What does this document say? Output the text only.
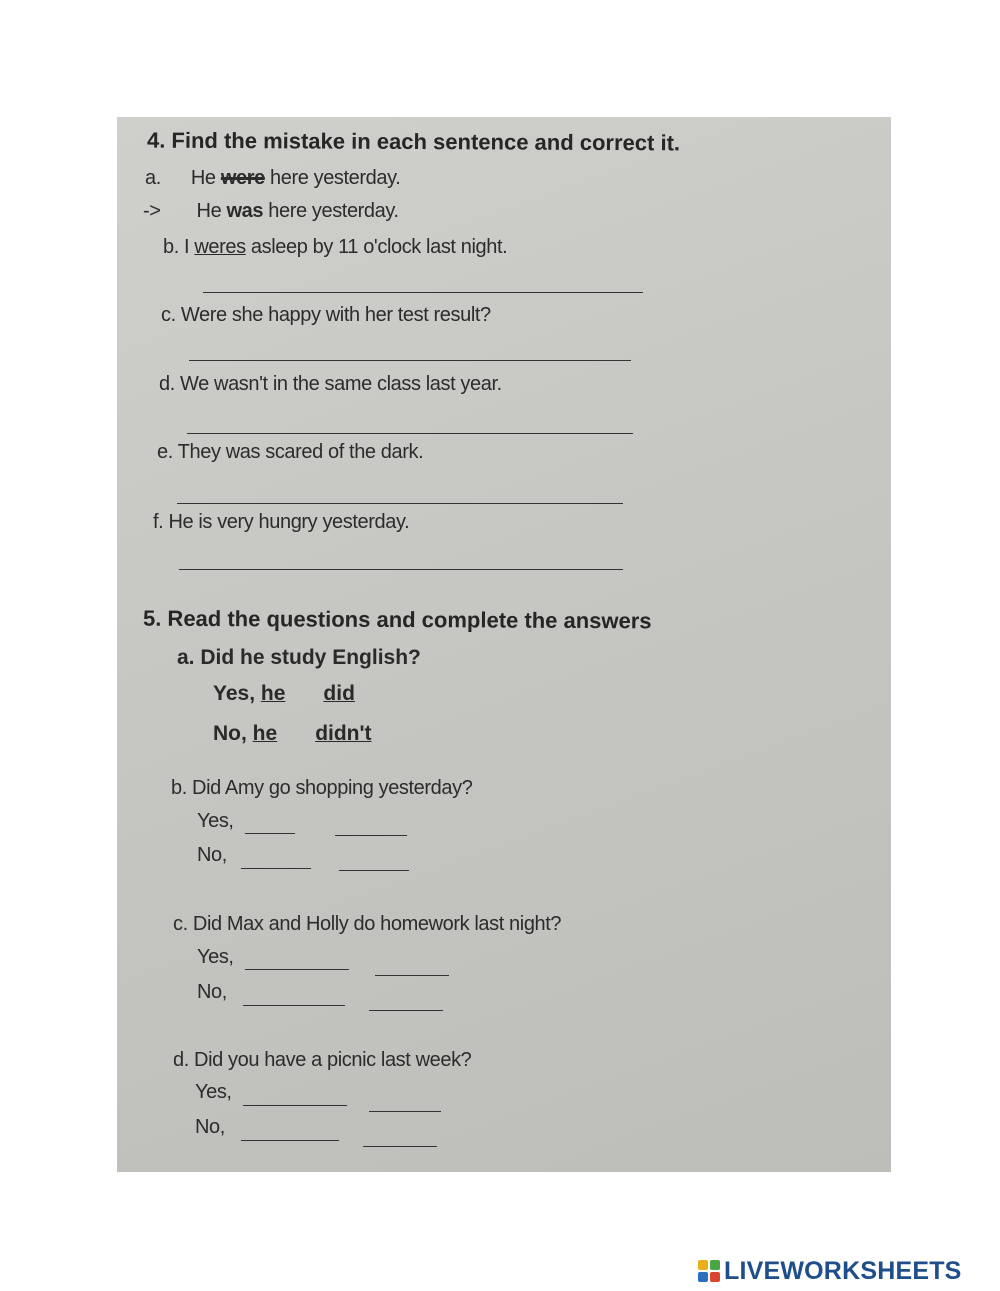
4. Find the mistake in each sentence and correct it.
a. He were here yesterday.
-> He was here yesterday.
b. I weres asleep by 11 o'clock last night.
c. Were she happy with her test result?
d. We wasn't in the same class last year.
e. They was scared of the dark.
f. He is very hungry yesterday.
5. Read the questions and complete the answers
a. Did he study English?
Yes, he did
No, he didn't
b. Did Amy go shopping yesterday?
Yes,
No,
c. Did Max and Holly do homework last night?
Yes,
No,
d. Did you have a picnic last week?
Yes,
No,
LIVEWORKSHEETS
